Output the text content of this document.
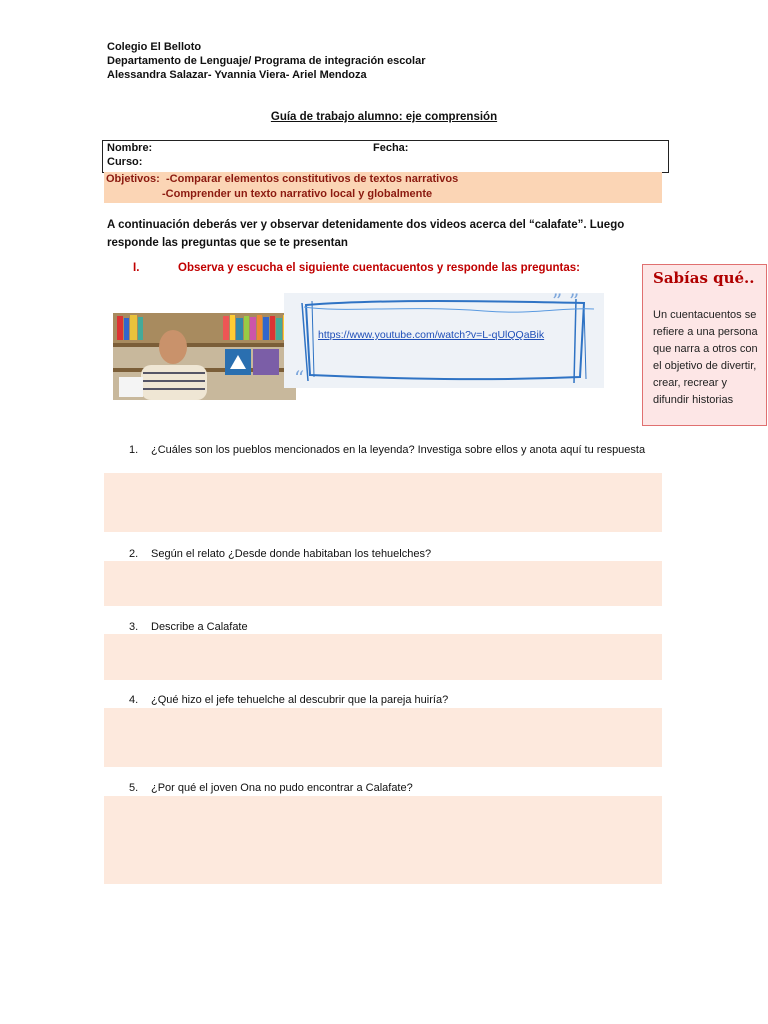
Colegio El Belloto
Departamento de Lenguaje/ Programa de integración escolar
Alessandra Salazar- Yvannia Viera- Ariel Mendoza
Guía de trabajo alumno: eje comprensión
Nombre:	Fecha:
Curso:
Objetivos: -Comparar elementos constitutivos de textos narrativos
-Comprender un texto narrativo local y globalmente
A continuación deberás ver y observar detenidamente dos videos acerca del “calafate”. Luego responde las preguntas que se te presentan
I.	Observa y escucha el siguiente cuentacuentos y responde las preguntas:
Sabías qué..
Un cuentacuentos se refiere a una persona que narra a otros con el objetivo de divertir, crear, recrear y difundir historias
” ”
“
https://www.youtube.com/watch?v=L-qUlQQaBik
1. ¿Cuáles son los pueblos mencionados en la leyenda? Investiga sobre ellos y anota aquí tu respuesta
2. Según el relato ¿Desde donde habitaban los tehuelches?
3. Describe a Calafate
4. ¿Qué hizo el jefe tehuelche al descubrir que la pareja huiría?
5. ¿Por qué el joven Ona no pudo encontrar a Calafate?
